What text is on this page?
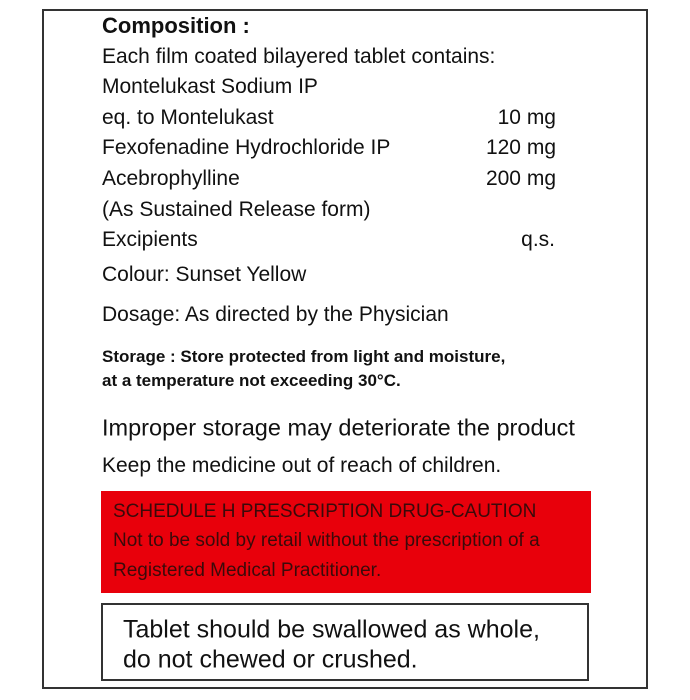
Composition :
Each film coated bilayered tablet contains:
Montelukast Sodium IP
eq. to Montelukast	10 mg
Fexofenadine Hydrochloride IP	120 mg
Acebrophylline	200 mg
(As Sustained Release form)
Excipients	q.s.
Colour: Sunset Yellow
Dosage: As directed by the Physician
Storage : Store protected from light and moisture,
at a temperature not exceeding 30°C.
Improper storage may deteriorate the product
Keep the medicine out of reach of children.
SCHEDULE H PRESCRIPTION DRUG-CAUTION
Not to be sold by retail without the prescription of a
Registered Medical Practitioner.
Tablet should be swallowed as whole,
do not chewed or crushed.
